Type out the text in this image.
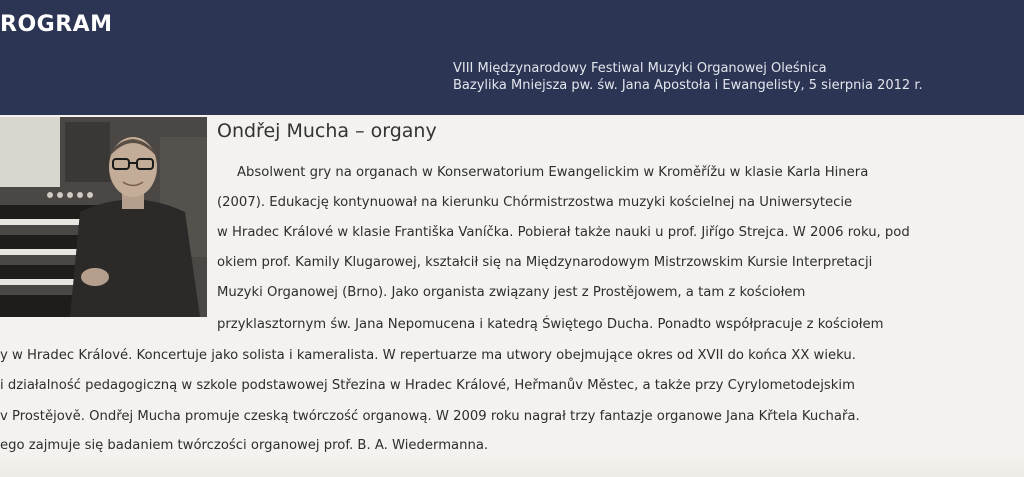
ROGRAM
VIII Międzynarodowy Festiwal Muzyki Organowej Oleśnica
Bazylika Mniejsza pw. św. Jana Apostoła i Ewangelisty, 5 sierpnia 2012 r.
Ondřej Mucha – organy
Absolwent gry na organach w Konserwatorium Ewangelickim w Kroměřížu w klasie Karla Hinera
(2007). Edukację kontynuował na kierunku Chórmistrzostwa muzyki kościelnej na Uniwersytecie
w Hradec Králové w klasie Františka Vaníčka. Pobierał także nauki u prof. Jiřígo Strejca. W 2006 roku, pod
okiem prof. Kamily Klugarowej, kształcił się na Międzynarodowym Mistrzowskim Kursie Interpretacji
Muzyki Organowej (Brno). Jako organista związany jest z Prostějowem, a tam z kościołem
przyklasztornym św. Jana Nepomucena i katedrą Świętego Ducha. Ponadto współpracuje z kościołem
y w Hradec Králové. Koncertuje jako solista i kameralista. W repertuarze ma utwory obejmujące okres od XVII do końca XX wieku.
i działalność pedagogiczną w szkole podstawowej Střezina w Hradec Králové, Heřmanův Městec, a także przy Cyrylometodejskim
v Prostějově. Ondřej Mucha promuje czeską twórczość organową. W 2009 roku nagrał trzy fantazje organowe Jana Křtela Kuchařa.
ego zajmuje się badaniem twórczości organowej prof. B. A. Wiedermanna.
